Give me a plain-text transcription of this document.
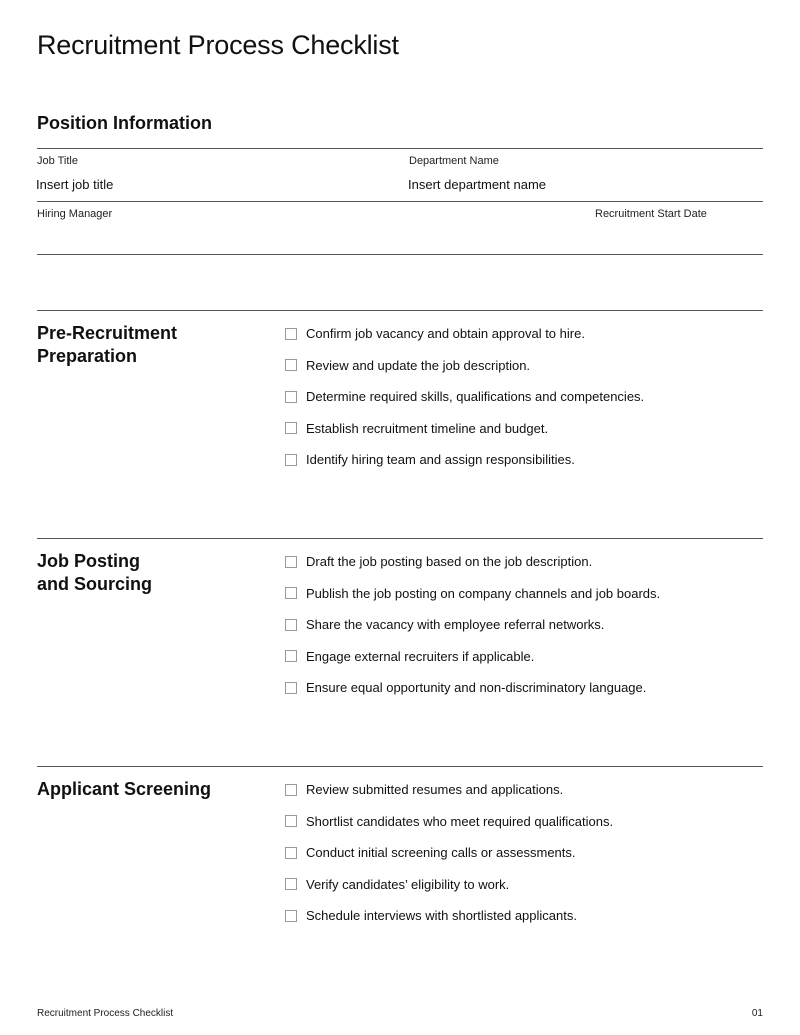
Recruitment Process Checklist
Position Information
Job Title
Insert job title
Department Name
Insert department name
Hiring Manager	Recruitment Start Date
Pre-Recruitment
Preparation
Confirm job vacancy and obtain approval to hire.
Review and update the job description.
Determine required skills, qualifications and competencies.
Establish recruitment timeline and budget.
Identify hiring team and assign responsibilities.
Job Posting
and Sourcing
Draft the job posting based on the job description.
Publish the job posting on company channels and job boards.
Share the vacancy with employee referral networks.
Engage external recruiters if applicable.
Ensure equal opportunity and non-discriminatory language.
Applicant Screening	Review submitted resumes and applications.
Shortlist candidates who meet required qualifications.
Conduct initial screening calls or assessments.
Verify candidates’ eligibility to work.
Schedule interviews with shortlisted applicants.
Recruitment Process Checklist	01
